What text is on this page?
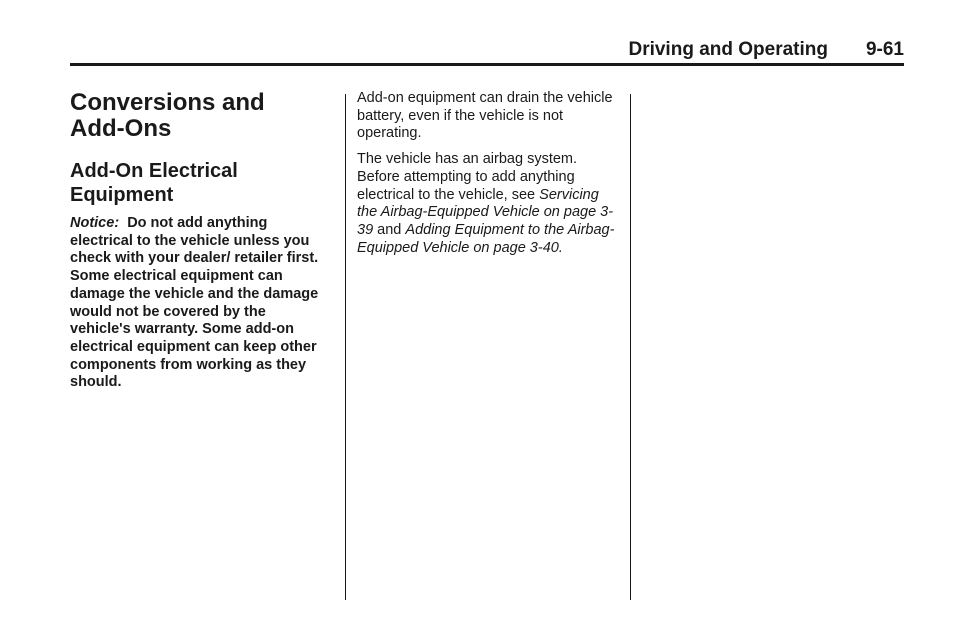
Driving and Operating 9-61
Conversions and
Add-Ons
Add-On Electrical
Equipment

Notice: Do not add anything electrical to the vehicle unless you check with your dealer/ retailer first. Some electrical equipment can damage the vehicle and the damage would not be covered by the vehicle's warranty. Some add-on electrical equipment can keep other components from working as they should.

Add-on equipment can drain the vehicle battery, even if the vehicle is not operating.

The vehicle has an airbag system. Before attempting to add anything electrical to the vehicle, see Servicing the Airbag-Equipped Vehicle on page 3-39 and Adding Equipment to the Airbag-Equipped Vehicle on page 3-40.
